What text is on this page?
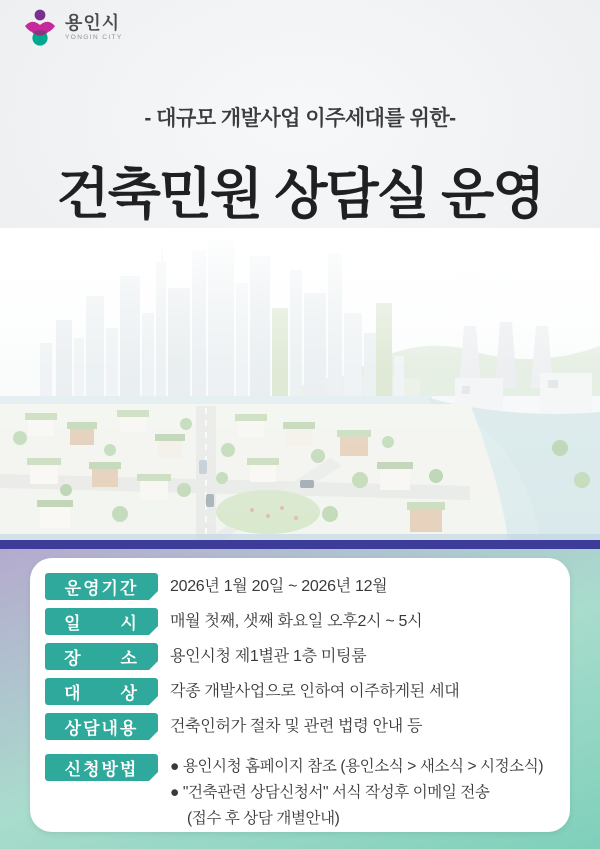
용인시
YONGIN CITY
- 대규모 개발사업 이주세대를 위한-
건축민원 상담실 운영
운영기간	2026년 1월 20일 ~ 2026년 12월
일　　시	매월 첫째, 샛째 화요일 오후2시 ~ 5시
장　　소	용인시청 제1별관 1층 미팅룸
대　　상	각종 개발사업으로 인하여 이주하게된 세대
상담내용	건축인허가 절차 및 관련 법령 안내 등
신청방법	● 용인시청 홈페이지 참조 (용인소식 > 새소식 > 시정소식)
● "건축관련 상담신청서" 서식 작성후 이메일 전송
(접수 후 상담 개별안내)
